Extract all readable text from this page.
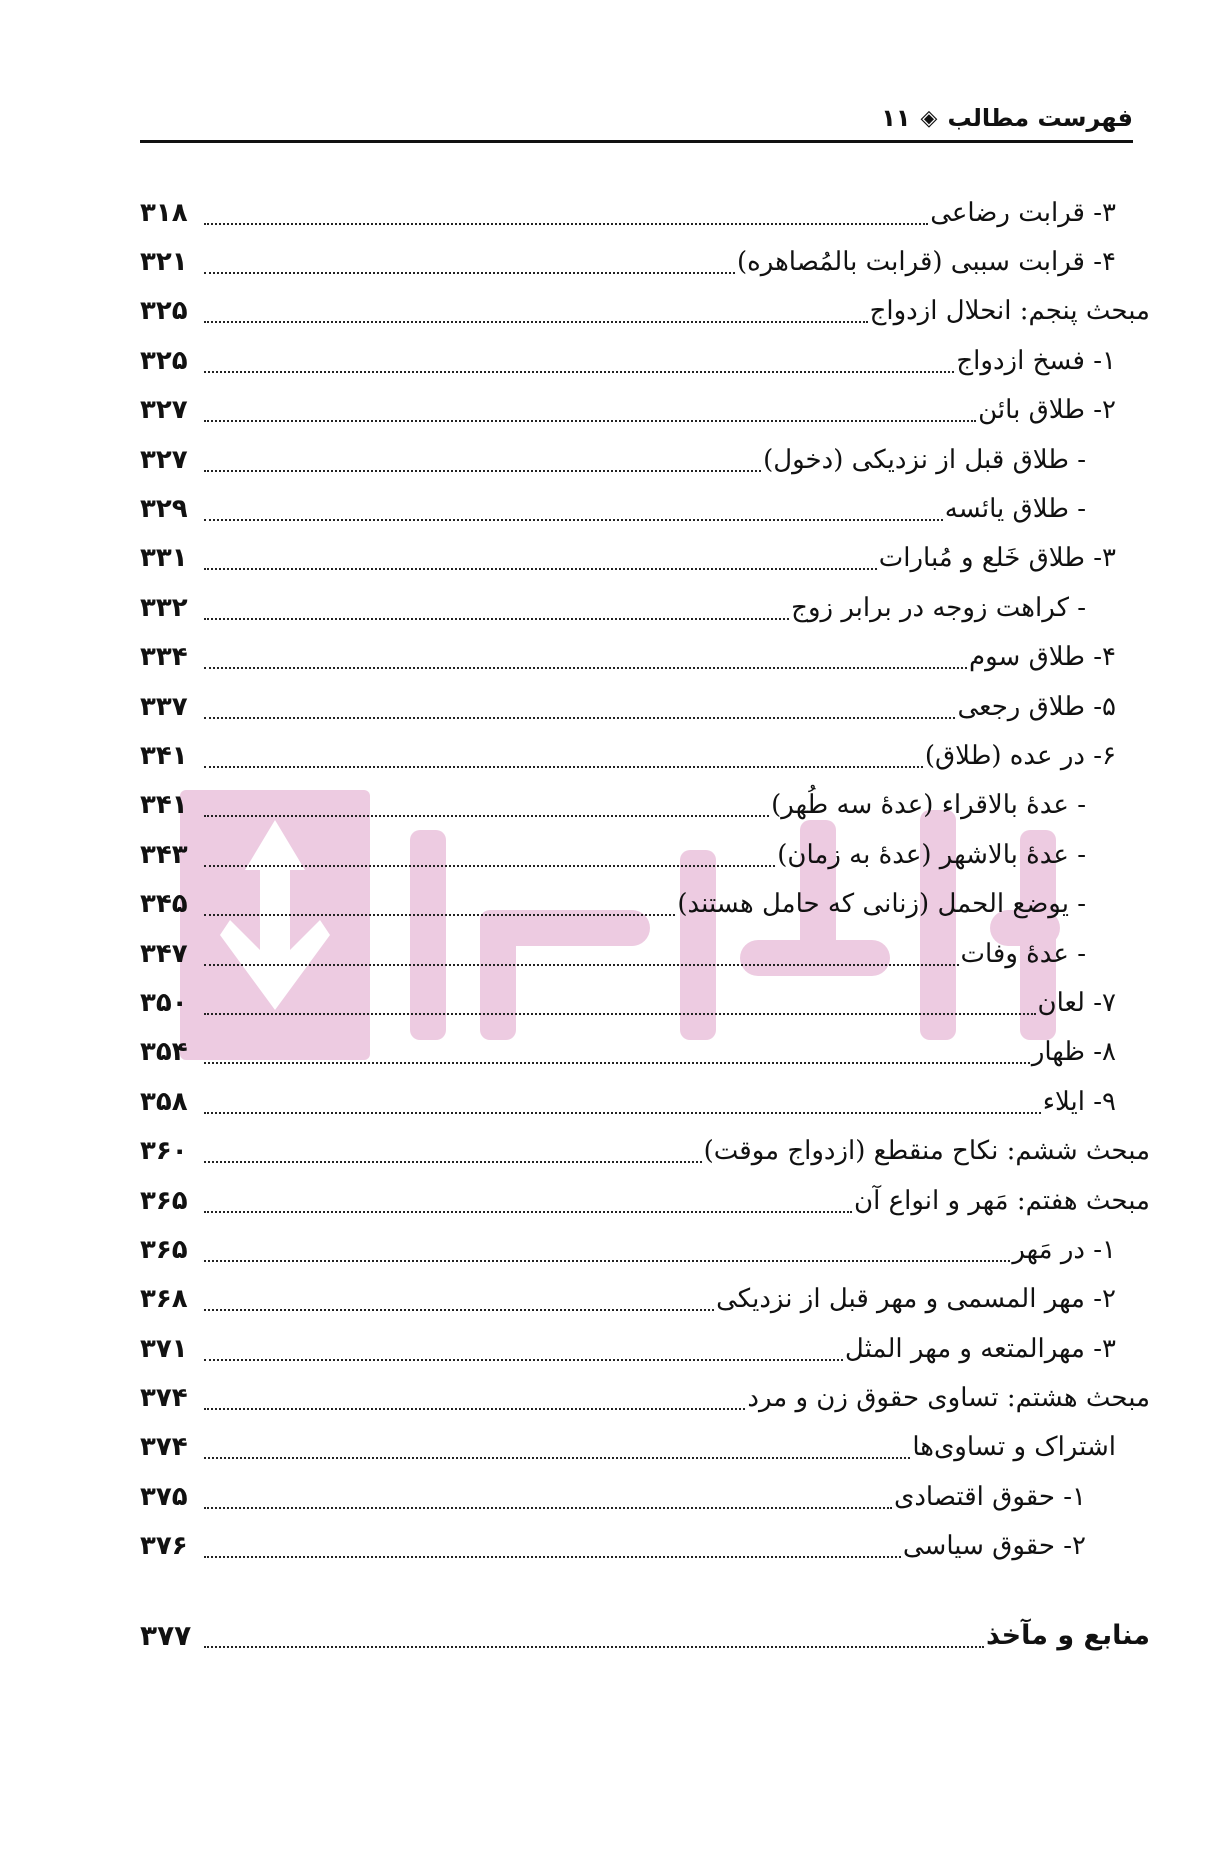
فهرست مطالب
◈
۱۱
۳- قرابت رضاعی
۳۱۸
۴- قرابت سببی (قرابت بالمُصاهره)
۳۲۱
مبحث پنجم: انحلال ازدواج
۳۲۵
۱- فسخ ازدواج
۳۲۵
۲- طلاق بائن
۳۲۷
- طلاق قبل از نزدیکی (دخول)
۳۲۷
- طلاق یائسه
۳۲۹
۳- طلاق خَلع و مُبارات
۳۳۱
- کراهت زوجه در برابر زوج
۳۳۲
۴- طلاق سوم
۳۳۴
۵- طلاق رجعی
۳۳۷
۶- در عده (طلاق)
۳۴۱
- عدهٔ بالاقراء (عدهٔ سه طُهر)
۳۴۱
- عدهٔ بالاشهر (عدهٔ به زمان)
۳۴۳
- یوضع الحمل (زنانی که حامل هستند)
۳۴۵
- عدهٔ وفات
۳۴۷
۷- لعان
۳۵۰
۸- ظهار
۳۵۴
۹- ایلاء
۳۵۸
مبحث ششم: نکاح منقطع (ازدواج موقت)
۳۶۰
مبحث هفتم: مَهر و انواع آن
۳۶۵
۱- در مَهر
۳۶۵
۲- مهر المسمی و مهر قبل از نزدیکی
۳۶۸
۳- مهرالمتعه و مهر المثل
۳۷۱
مبحث هشتم: تساوی حقوق زن و مرد
۳۷۴
اشتراک و تساوی‌ها
۳۷۴
۱- حقوق اقتصادی
۳۷۵
۲- حقوق سیاسی
۳۷۶
منابع و مآخذ
۳۷۷
